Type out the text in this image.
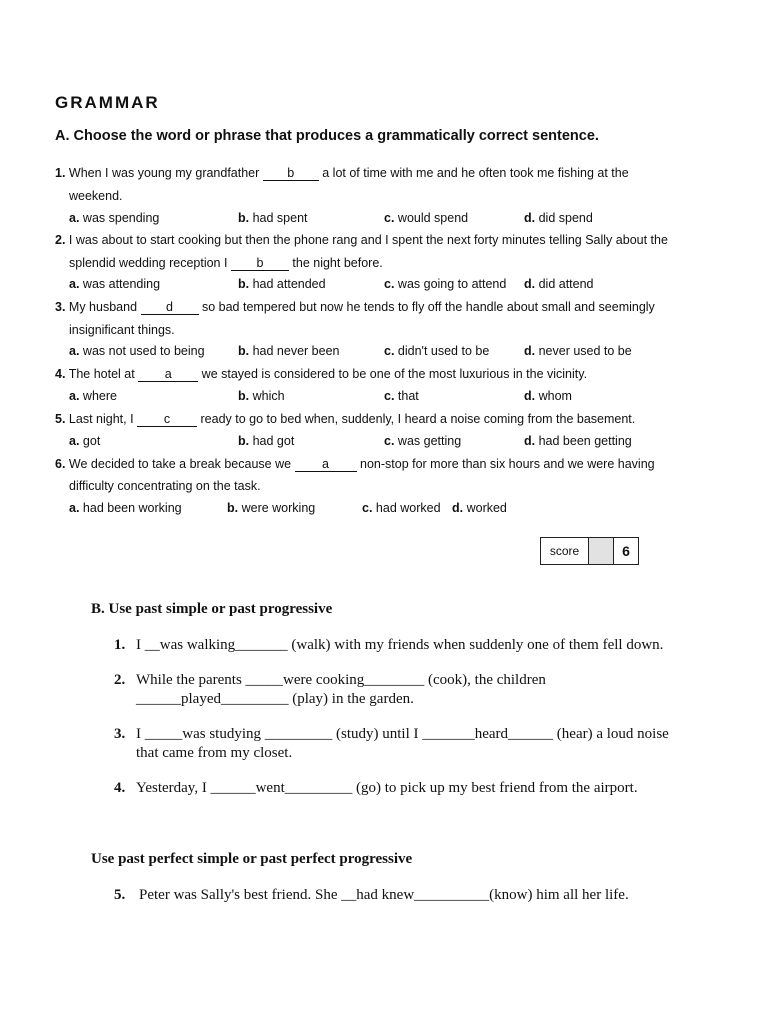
GRAMMAR
A. Choose the word or phrase that produces a grammatically correct sentence.
1. When I was young my grandfather b a lot of time with me and he often took me fishing at the
weekend.
a. was spending	b. had spent	c. would spend	d. did spend
2. I was about to start cooking but then the phone rang and I spent the next forty minutes telling Sally about the
splendid wedding reception I b the night before.
a. was attending	b. had attended	c. was going to attend d. did attend
3. My husband d so bad tempered but now he tends to fly off the handle about small and seemingly
insignificant things.
a. was not used to being	b. had never been	c. didn't used to be	d. never used to be
4. The hotel at a we stayed is considered to be one of the most luxurious in the vicinity.
a. where	b. which	c. that	d. whom
5. Last night, I c ready to go to bed when, suddenly, I heard a noise coming from the basement.
a. got	b. had got	c. was getting	d. had been getting
6. We decided to take a break because we a non-stop for more than six hours and we were having
difficulty concentrating on the task.
a. had been working	b. were working	c. had worked d. worked
score	6
B. Use past simple or past progressive
1. I __was walking_______ (walk) with my friends when suddenly one of them fell down.
2. While the parents _____were cooking________ (cook), the children
______played_________ (play) in the garden.
3. I _____was studying _________ (study) until I _______heard______ (hear) a loud noise
that came from my closet.
4. Yesterday, I ______went_________ (go) to pick up my best friend from the airport.
Use past perfect simple or past perfect progressive
5. Peter was Sally's best friend. She __had knew__________(know) him all her life.
